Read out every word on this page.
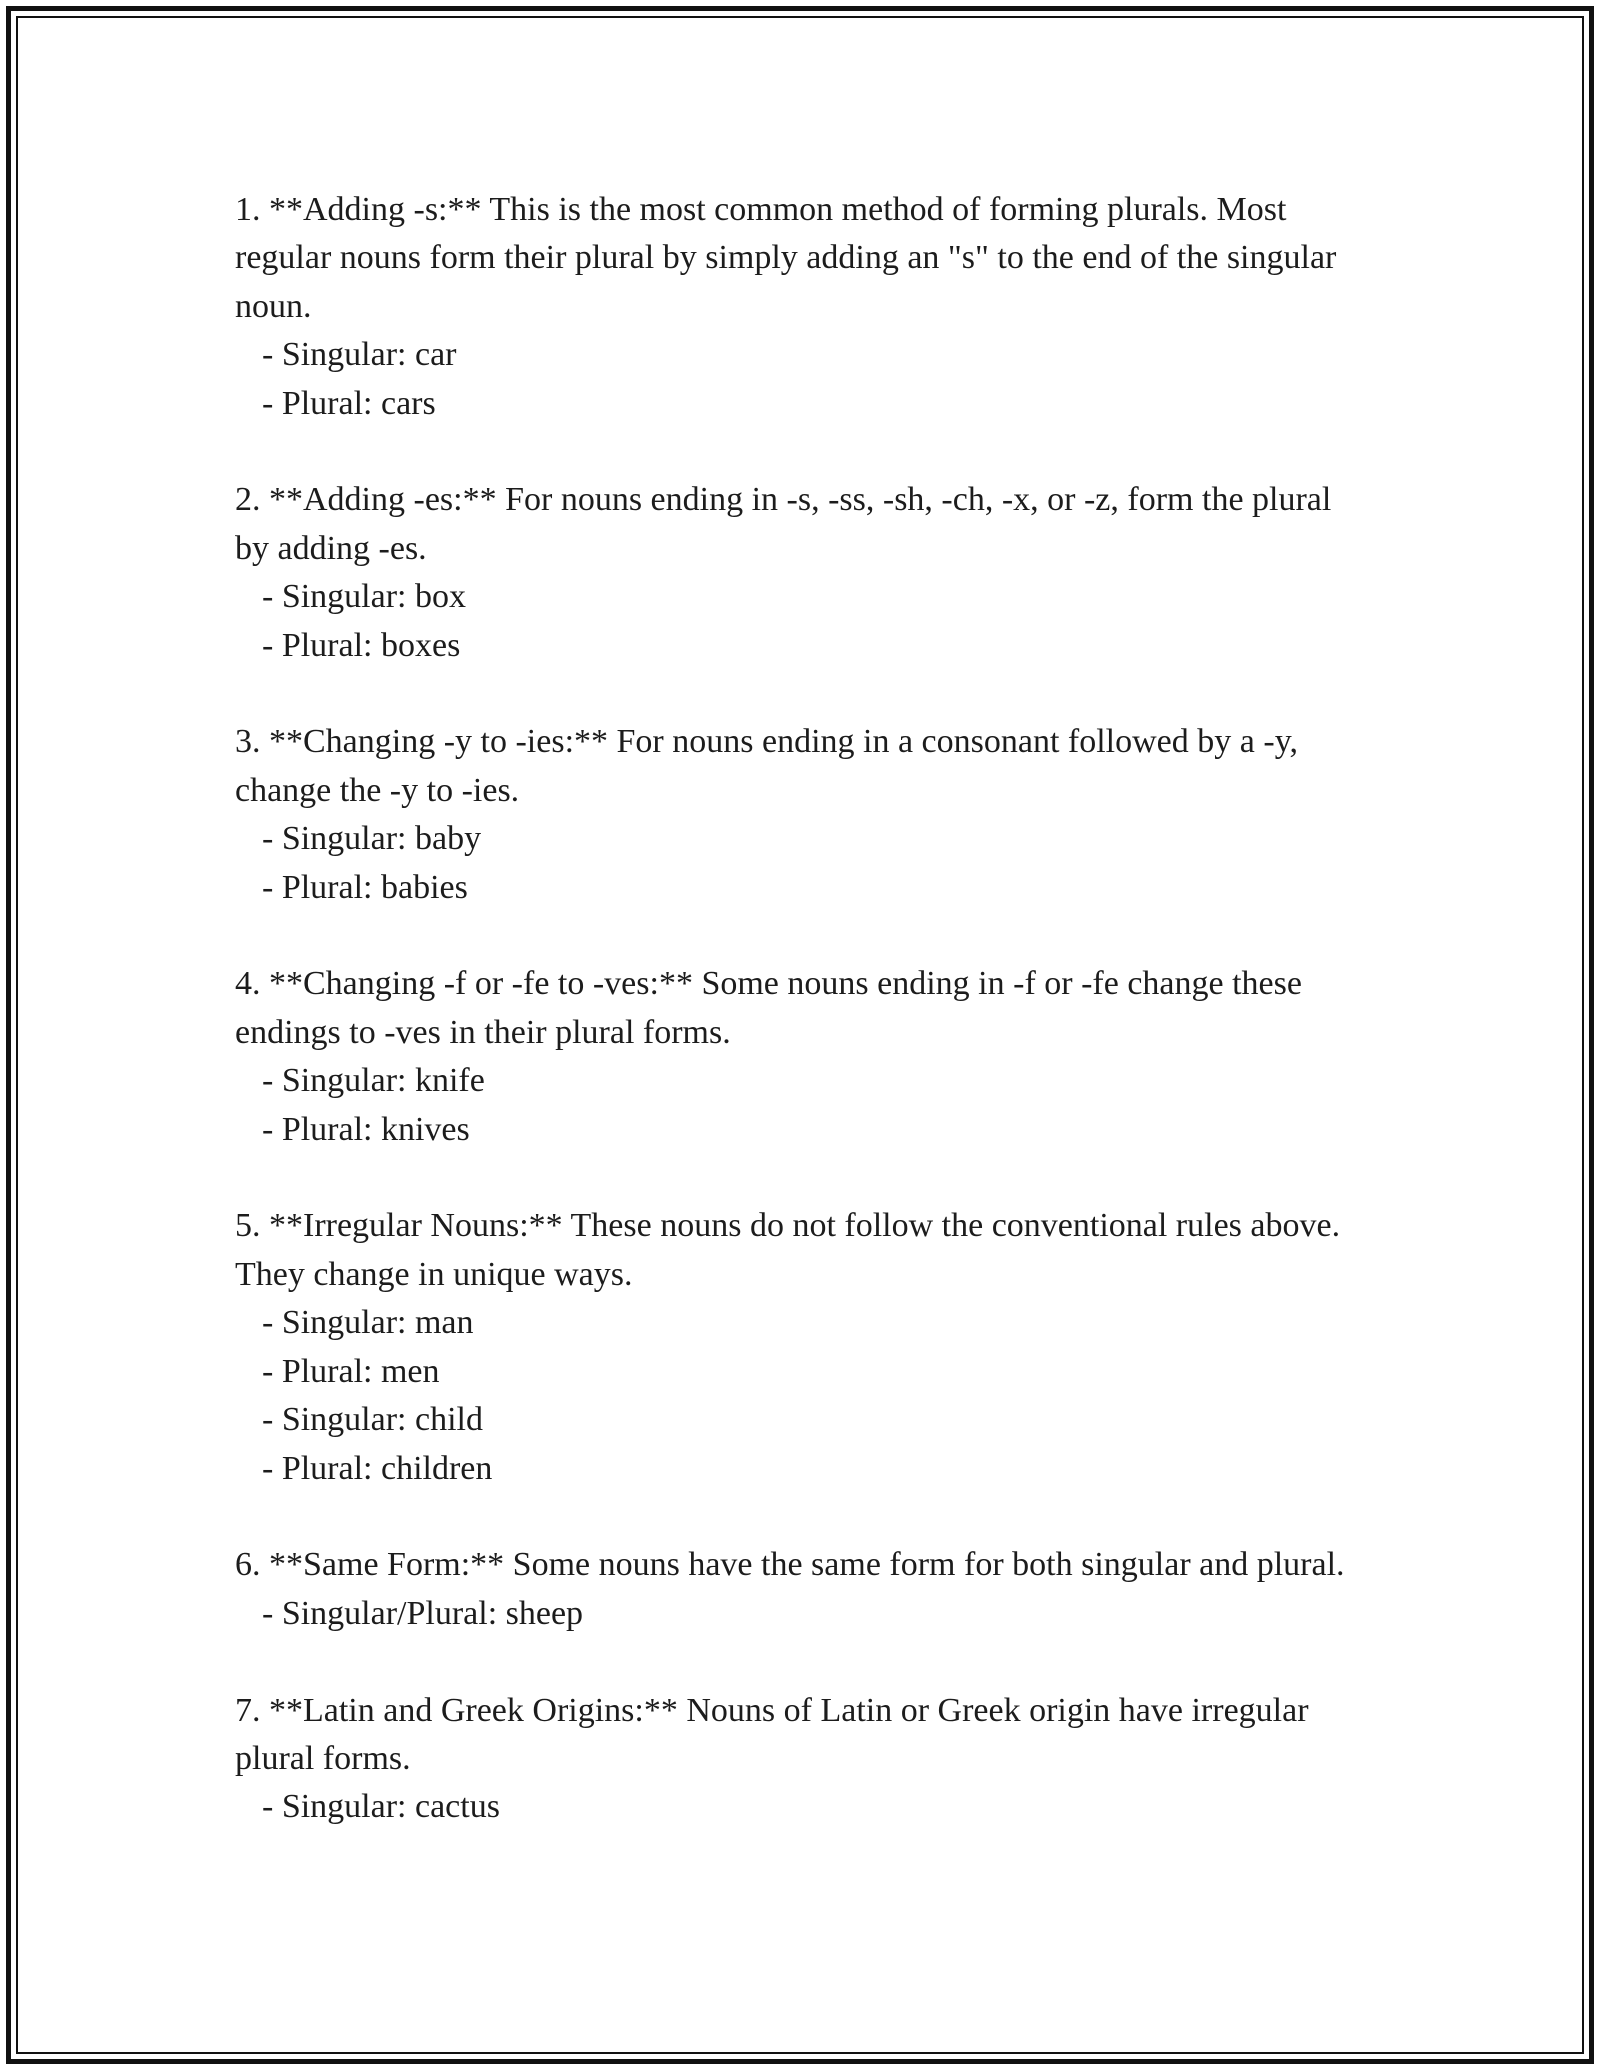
1. **Adding -s:** This is the most common method of forming plurals. Most regular nouns form their plural by simply adding an "s" to the end of the singular noun.

- Singular: car
- Plural: cars

2. **Adding -es:** For nouns ending in -s, -ss, -sh, -ch, -x, or -z, form the plural by adding -es.

- Singular: box
- Plural: boxes

3. **Changing -y to -ies:** For nouns ending in a consonant followed by a -y, change the -y to -ies.

- Singular: baby
- Plural: babies

4. **Changing -f or -fe to -ves:** Some nouns ending in -f or -fe change these endings to -ves in their plural forms.

- Singular: knife
- Plural: knives

5. **Irregular Nouns:** These nouns do not follow the conventional rules above. They change in unique ways.

- Singular: man
- Plural: men
- Singular: child
- Plural: children

6. **Same Form:** Some nouns have the same form for both singular and plural.

- Singular/Plural: sheep

7. **Latin and Greek Origins:** Nouns of Latin or Greek origin have irregular plural forms.

- Singular: cactus
